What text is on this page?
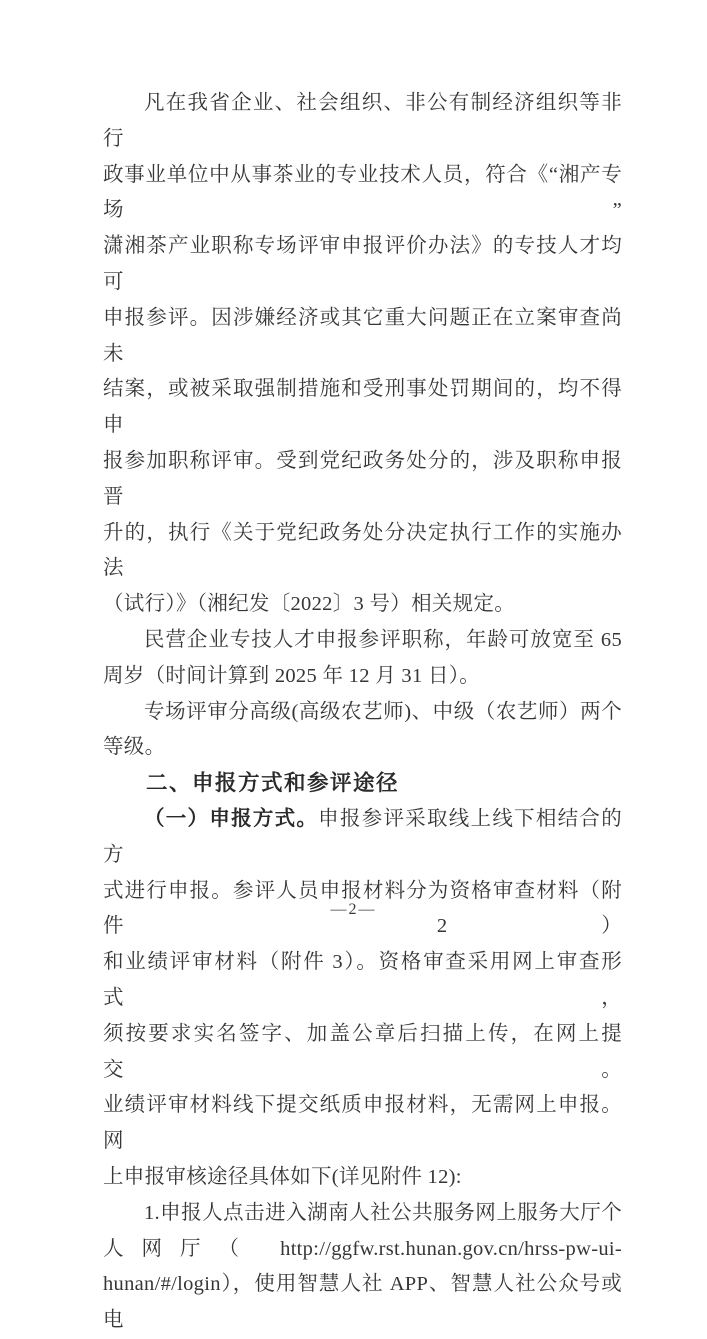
凡在我省企业、社会组织、非公有制经济组织等非行
政事业单位中从事茶业的专业技术人员，符合《“湘产专场”
潇湘茶产业职称专场评审申报评价办法》的专技人才均可
申报参评。因涉嫌经济或其它重大问题正在立案审查尚未
结案，或被采取强制措施和受刑事处罚期间的，均不得申
报参加职称评审。受到党纪政务处分的，涉及职称申报晋
升的，执行《关于党纪政务处分决定执行工作的实施办法
（试行）》（湘纪发〔2022〕3 号）相关规定。
民营企业专技人才申报参评职称，年龄可放宽至 65
周岁（时间计算到 2025 年 12 月 31 日）。
专场评审分高级(高级农艺师)、中级（农艺师）两个
等级。
二、申报方式和参评途径
（一）申报方式。申报参评采取线上线下相结合的方
式进行申报。参评人员申报材料分为资格审查材料（附件 2）
和业绩评审材料（附件 3）。资格审查采用网上审查形式，
须按要求实名签字、加盖公章后扫描上传，在网上提交。
业绩评审材料线下提交纸质申报材料，无需网上申报。网
上申报审核途径具体如下(详见附件 12):
1.申报人点击进入湖南人社公共服务网上服务大厅个
人网厅（ http://ggfw.rst.hunan.gov.cn/hrss-pw-ui-
hunan/#/login），使用智慧人社 APP、智慧人社公众号或电
—2—
